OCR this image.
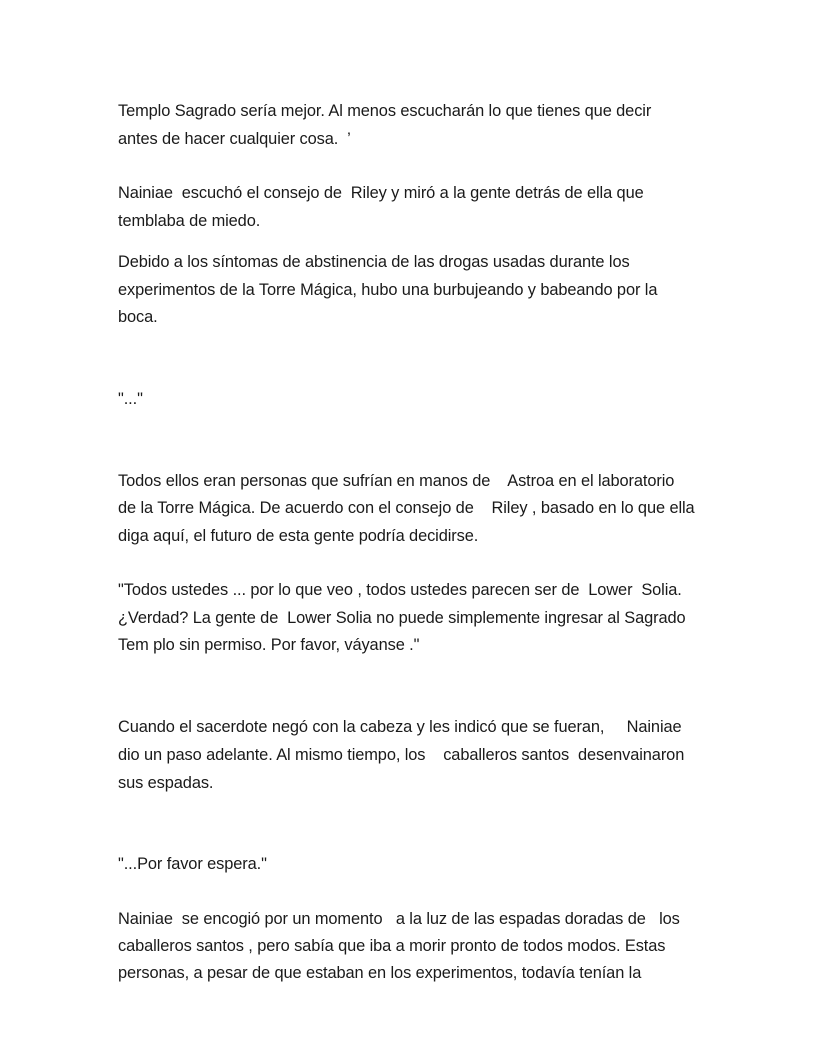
Templo Sagrado sería mejor. Al menos escucharán lo que tienes que decir
antes de hacer cualquier cosa.  ’
Nainiae  escuchó el consejo de  Riley y miró a la gente detrás de ella que
temblaba de miedo.
Debido a los síntomas de abstinencia de las drogas usadas durante los
experimentos de la Torre Mágica, hubo una burbujeando y babeando por la
boca.
"..."
Todos ellos eran personas que sufrían en manos de    Astroa en el laboratorio
de la Torre Mágica. De acuerdo con el consejo de    Riley , basado en lo que ella
diga aquí, el futuro de esta gente podría decidirse.
"Todos ustedes ... por lo que veo , todos ustedes parecen ser de  Lower  Solia.
¿Verdad? La gente de  Lower Solia no puede simplemente ingresar al Sagrado
Tem plo sin permiso. Por favor, váyanse ."
Cuando el sacerdote negó con la cabeza y les indicó que se fueran,     Nainiae
dio un paso adelante. Al mismo tiempo, los    caballeros santos  desenvainaron
sus espadas.
"...Por favor espera."
Nainiae  se encogió por un momento   a la luz de las espadas doradas de   los
caballeros santos , pero sabía que iba a morir pronto de todos modos. Estas
personas, a pesar de que estaban en los experimentos, todavía tenían la
